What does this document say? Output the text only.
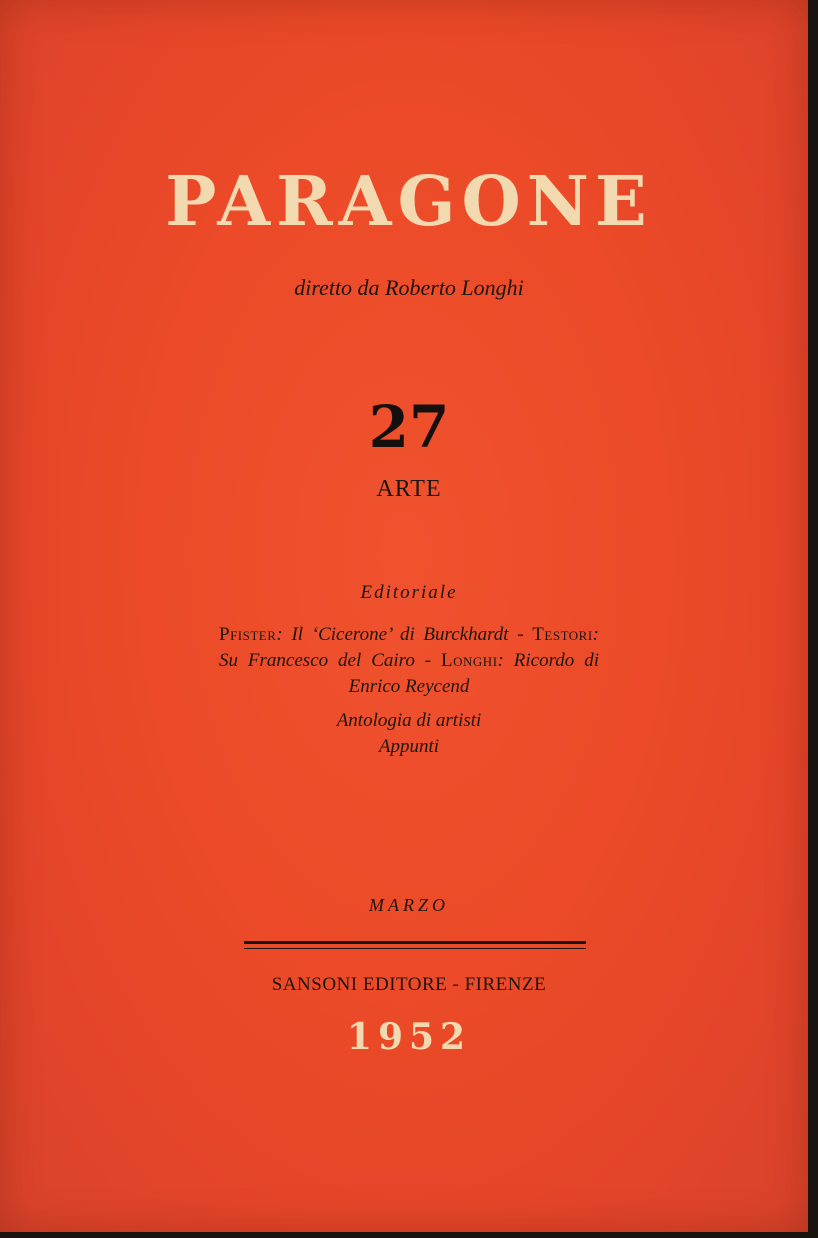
PARAGONE
diretto da Roberto Longhi
27
ARTE
Editoriale
Pfister: Il ‘Cicerone’ di Burckhardt - Testori: Su Francesco del Cairo - Longhi: Ricordo di Enrico Reycend
Antologia di artisti
Appunti
MARZO
SANSONI EDITORE - FIRENZE
1952
